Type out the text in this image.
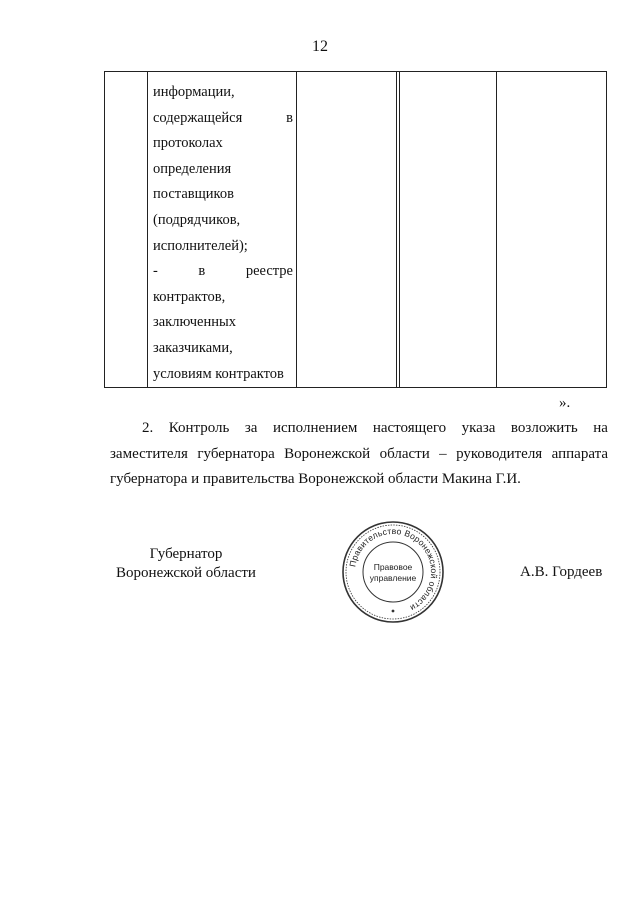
12
информации,
содержащейся	в
протоколах
определения
поставщиков
(подрядчиков,
исполнителей);
-	в	реестре
контрактов,
заключенных
заказчиками,
условиям контрактов
».
2. Контроль за исполнением настоящего указа возложить на
заместителя губернатора Воронежской области – руководителя аппарата
губернатора и правительства Воронежской области Макина Г.И.
Губернатор
Воронежской области	А.В. Гордеев
Правительство Воронежской области
Правовое
управление
